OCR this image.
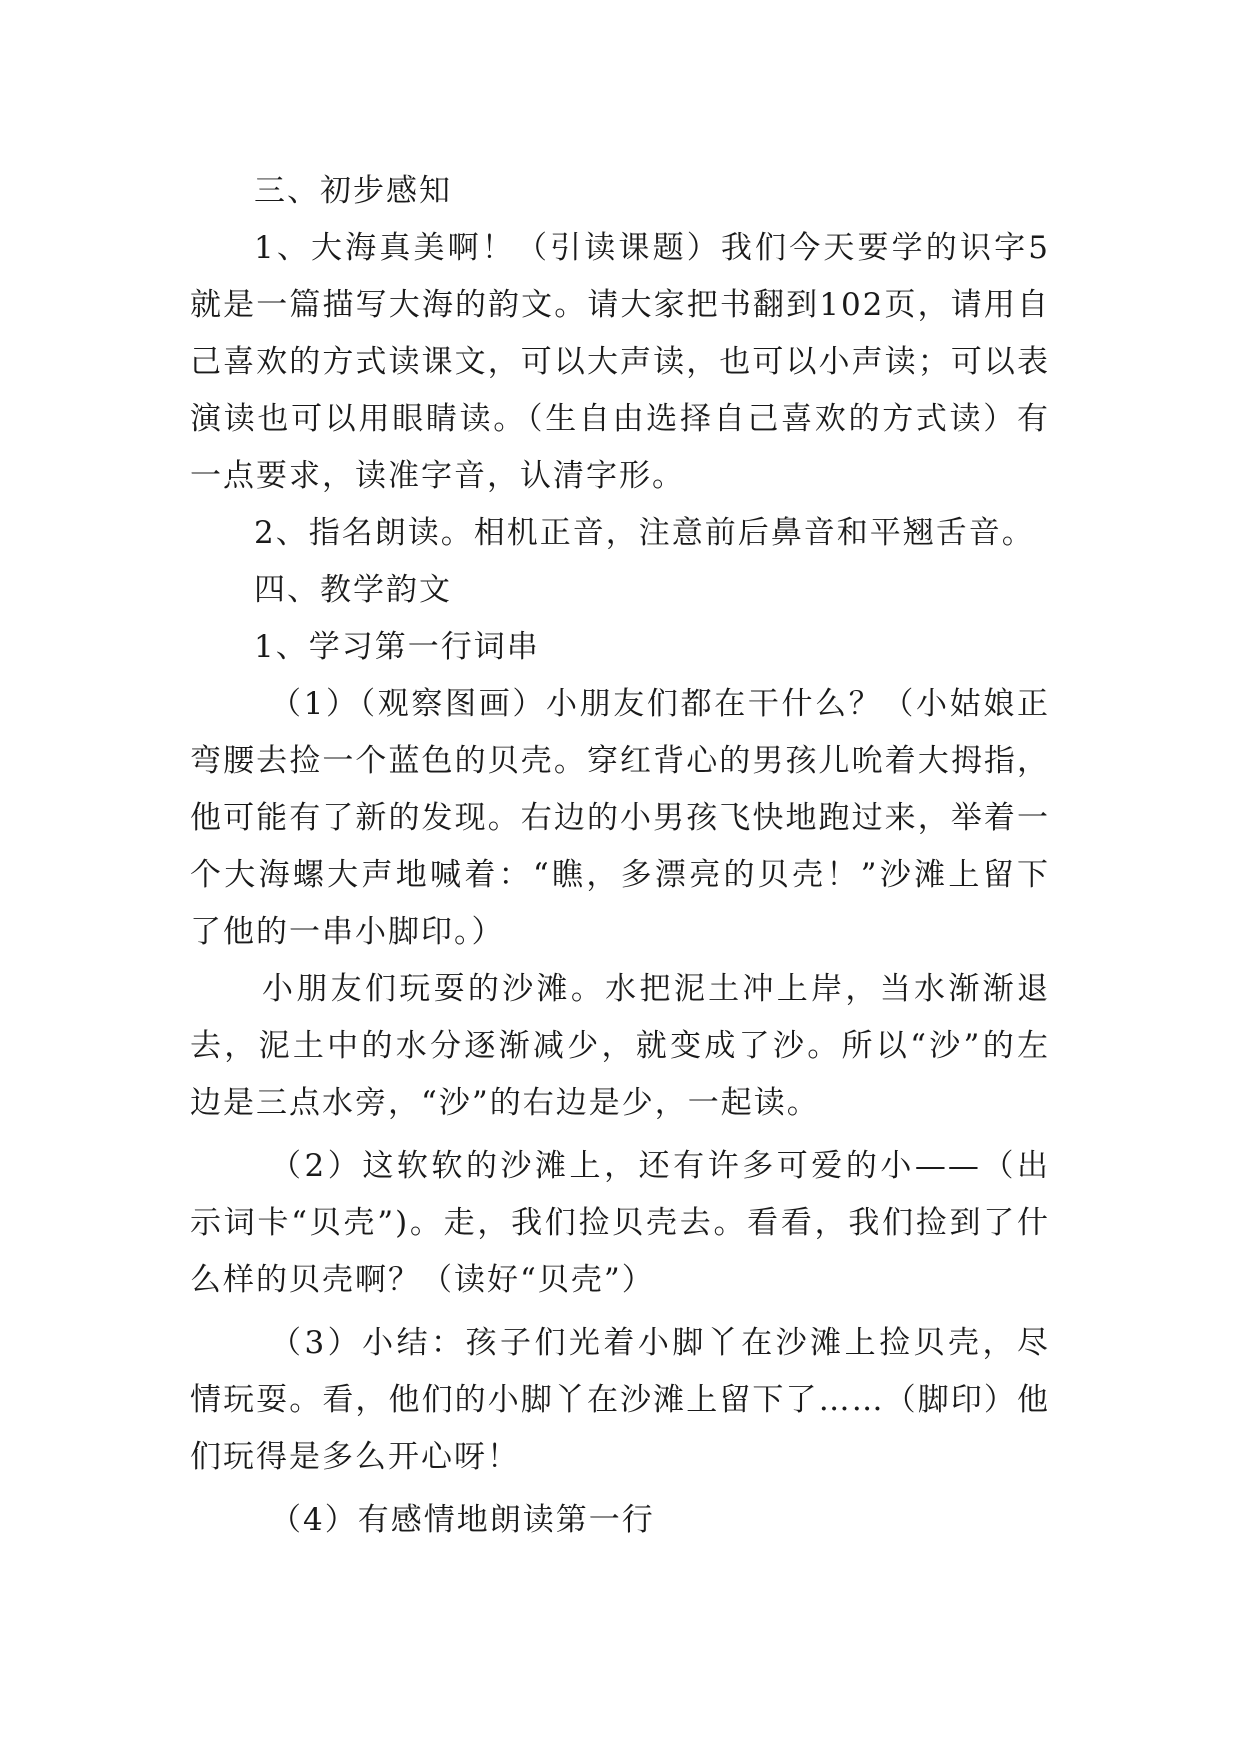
三、初步感知

1、大海真美啊！（引读课题）我们今天要学的识字5就是一篇描写大海的韵文。请大家把书翻到102页，请用自己喜欢的方式读课文，可以大声读，也可以小声读；可以表演读也可以用眼睛读。（生自由选择自己喜欢的方式读）有一点要求，读准字音，认清字形。

2、指名朗读。相机正音，注意前后鼻音和平翘舌音。

四、教学韵文

1、学习第一行词串

（1）（观察图画）小朋友们都在干什么？（小姑娘正弯腰去捡一个蓝色的贝壳。穿红背心的男孩儿吮着大拇指，他可能有了新的发现。右边的小男孩飞快地跑过来，举着一个大海螺大声地喊着：“瞧，多漂亮的贝壳！”沙滩上留下了他的一串小脚印。）

小朋友们玩耍的沙滩。水把泥土冲上岸，当水渐渐退去，泥土中的水分逐渐减少，就变成了沙。所以“沙”的左边是三点水旁，“沙”的右边是少，一起读。

（2）这软软的沙滩上，还有许多可爱的小——（出示词卡“贝壳”)。走，我们捡贝壳去。看看，我们捡到了什么样的贝壳啊？（读好“贝壳”）

（3）小结：孩子们光着小脚丫在沙滩上捡贝壳，尽情玩耍。看，他们的小脚丫在沙滩上留下了……（脚印）他们玩得是多么开心呀！

（4）有感情地朗读第一行
